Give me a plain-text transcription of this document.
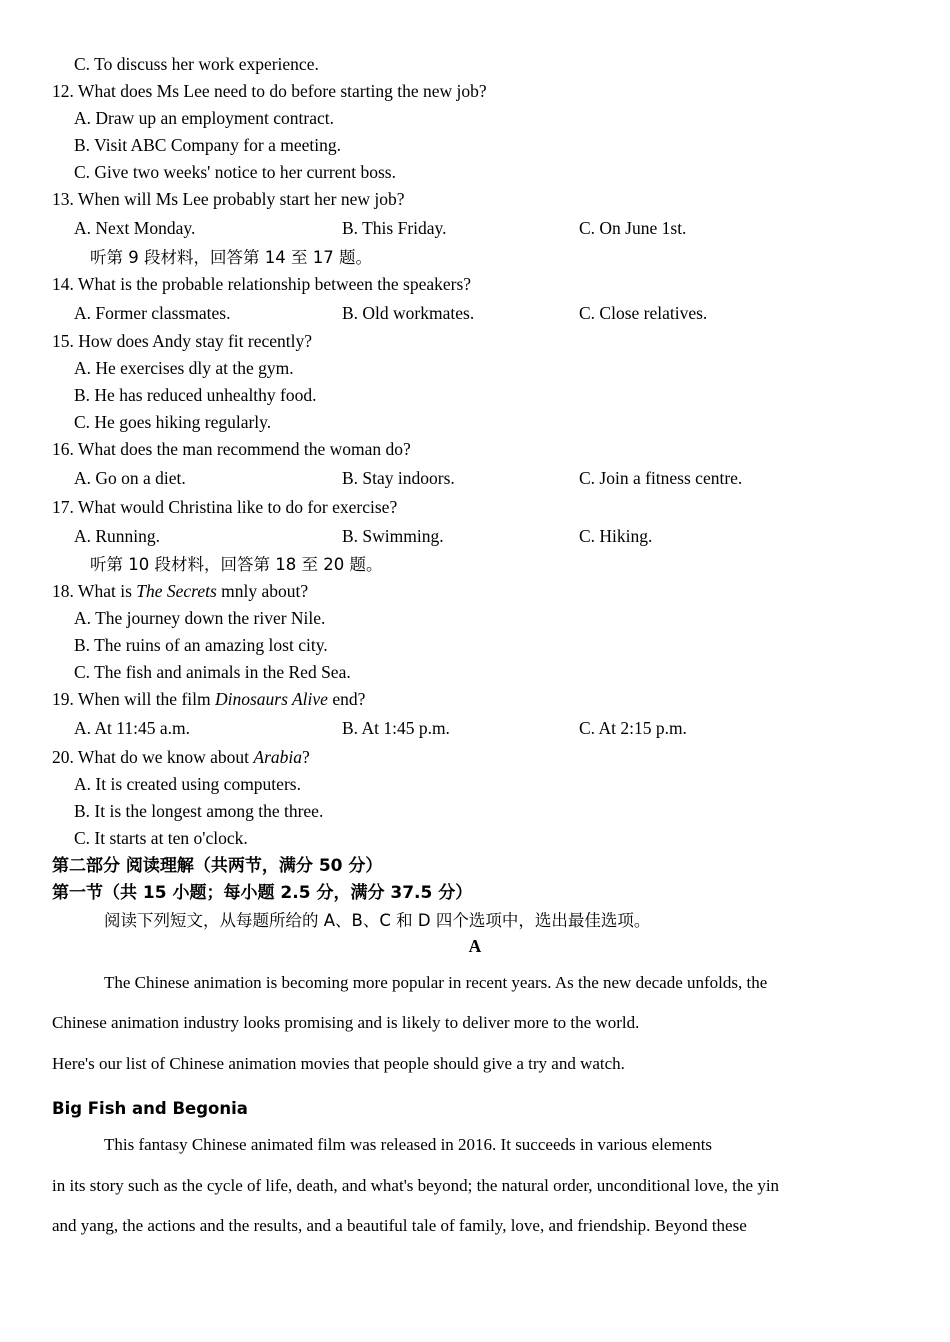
C. To discuss her work experience.
12. What does Ms Lee need to do before starting the new job?
A. Draw up an employment contract.
B. Visit ABC Company for a meeting.
C. Give two weeks' notice to her current boss.
13. When will Ms Lee probably start her new job?
A. Next Monday.	B. This Friday.	C. On June 1st.
听第 9 段材料，回答第 14 至 17 题。
14. What is the probable relationship between the speakers?
A. Former classmates.	B. Old workmates.	C. Close relatives.
15. How does Andy stay fit recently?
A. He exercises dly at the gym.
B. He has reduced unhealthy food.
C. He goes hiking regularly.
16. What does the man recommend the woman do?
A. Go on a diet.	B. Stay indoors.	C. Join a fitness centre.
17. What would Christina like to do for exercise?
A. Running.	B. Swimming.	C. Hiking.
听第 10 段材料，回答第 18 至 20 题。
18. What is The Secrets mnly about?
A. The journey down the river Nile.
B. The ruins of an amazing lost city.
C. The fish and animals in the Red Sea.
19. When will the film Dinosaurs Alive end?
A. At 11:45 a.m.	B. At 1:45 p.m.	C. At 2:15 p.m.
20. What do we know about Arabia?
A. It is created using computers.
B. It is the longest among the three.
C. It starts at ten o'clock.
第二部分 阅读理解（共两节，满分 50 分）
第一节（共 15 小题；每小题 2.5 分，满分 37.5 分）
阅读下列短文，从每题所给的 A、B、C 和 D 四个选项中，选出最佳选项。
A
The Chinese animation is becoming more popular in recent years. As the new decade unfolds, the
Chinese animation industry looks promising and is likely to deliver more to the world.
Here's our list of Chinese animation movies that people should give a try and watch.
Big Fish and Begonia
This fantasy Chinese animated film was released in 2016. It succeeds in various elements
in its story such as the cycle of life, death, and what's beyond; the natural order, unconditional love, the yin
and yang, the actions and the results, and a beautiful tale of family, love, and friendship. Beyond these
